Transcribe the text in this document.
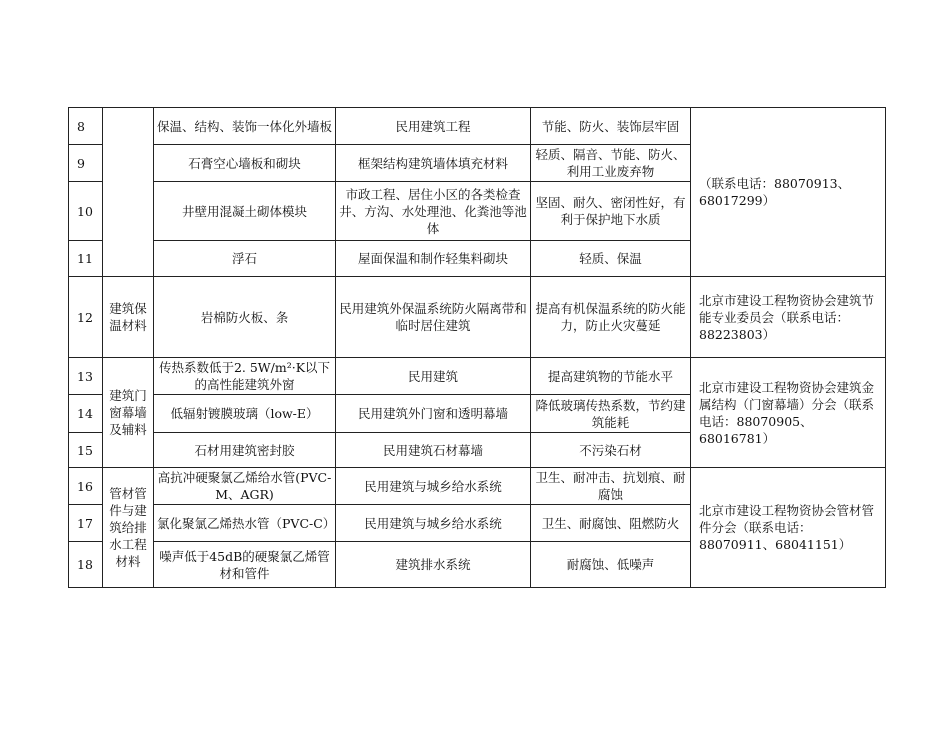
8		保温、结构、装饰一体化外墙板	民用建筑工程	节能、防火、装饰层牢固	（联系电话：88070913、68017299）
9		石膏空心墙板和砌块	框架结构建筑墙体填充材料	轻质、隔音、节能、防火、利用工业废弃物	
10		井壁用混凝土砌体模块	市政工程、居住小区的各类检查井、方沟、水处理池、化粪池等池体	坚固、耐久、密闭性好，有利于保护地下水质	
11		浮石	屋面保温和制作轻集料砌块	轻质、保温	
12	建筑保温材料	岩棉防火板、条	民用建筑外保温系统防火隔离带和临时居住建筑	提高有机保温系统的防火能力，防止火灾蔓延	北京市建设工程物资协会建筑节能专业委员会（联系电话：88223803）
13	建筑门窗幕墙及辅料	传热系数低于2. 5W/m²·K以下的高性能建筑外窗	民用建筑	提高建筑物的节能水平	北京市建设工程物资协会建筑金属结构（门窗幕墙）分会（联系电话：88070905、68016781）
14		低辐射镀膜玻璃（low-E）	民用建筑外门窗和透明幕墙	降低玻璃传热系数，节约建筑能耗	
15		石材用建筑密封胶	民用建筑石材幕墙	不污染石材	
16	管材管件与建筑给排水工程材料	高抗冲硬聚氯乙烯给水管(PVC-M、AGR)	民用建筑与城乡给水系统	卫生、耐冲击、抗划痕、耐腐蚀	北京市建设工程物资协会管材管件分会（联系电话：88070911、68041151）
17		氯化聚氯乙烯热水管（PVC-C）	民用建筑与城乡给水系统	卫生、耐腐蚀、阻燃防火	
18		噪声低于45dB的硬聚氯乙烯管材和管件	建筑排水系统	耐腐蚀、低噪声	
